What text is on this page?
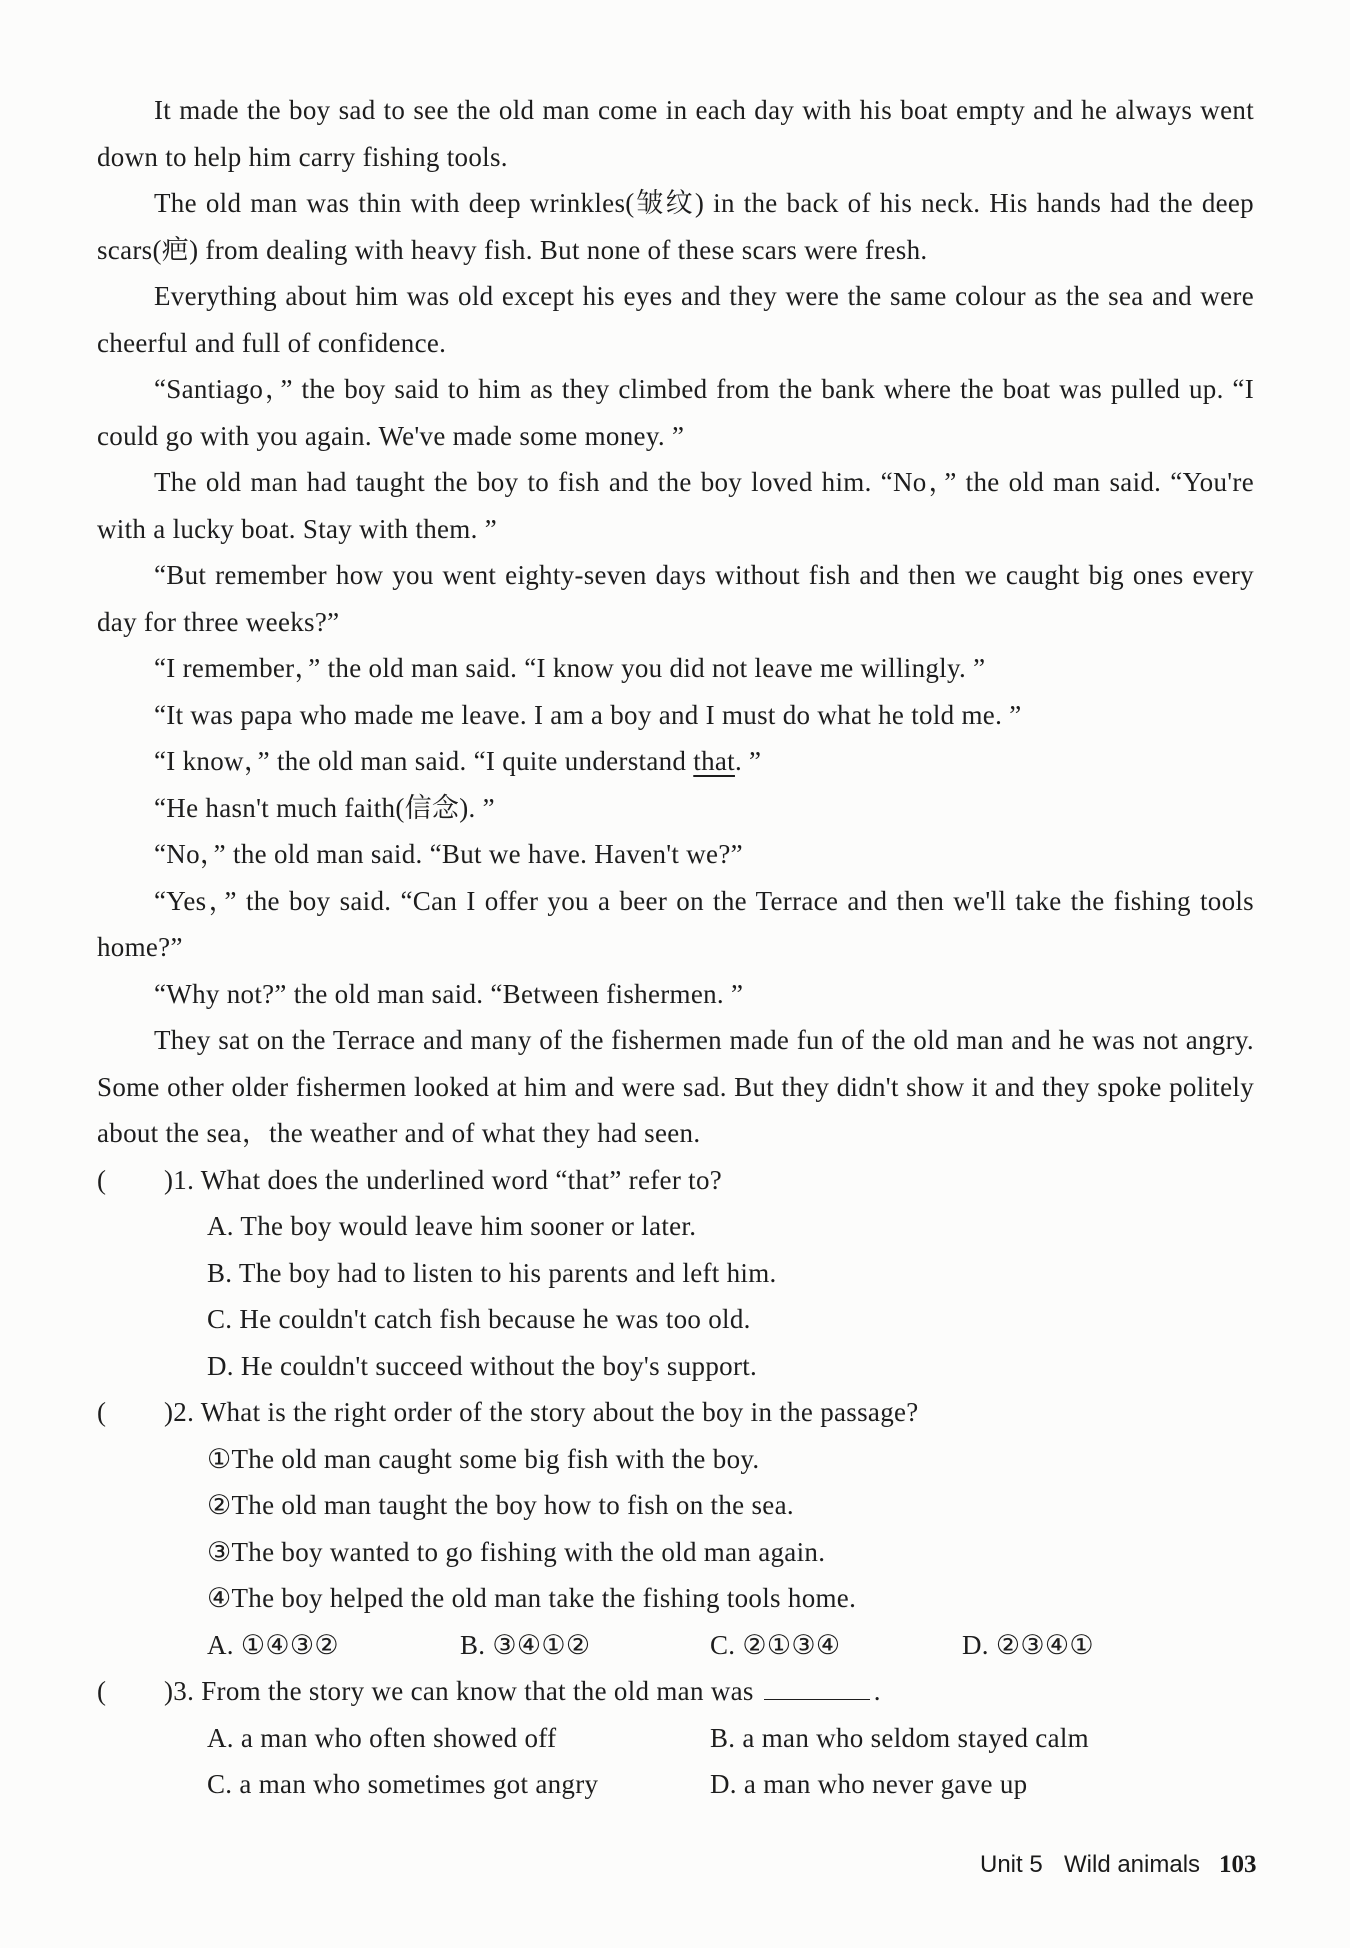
It made the boy sad to see the old man come in each day with his boat empty and he always went down to help him carry fishing tools.

The old man was thin with deep wrinkles(皱纹) in the back of his neck. His hands had the deep scars(疤) from dealing with heavy fish. But none of these scars were fresh.

Everything about him was old except his eyes and they were the same colour as the sea and were cheerful and full of confidence.

“Santiago，” the boy said to him as they climbed from the bank where the boat was pulled up. “I could go with you again. We've made some money. ”

The old man had taught the boy to fish and the boy loved him. “No，” the old man said. “You're with a lucky boat. Stay with them. ”

“But remember how you went eighty-seven days without fish and then we caught big ones every day for three weeks?”

“I remember，” the old man said. “I know you did not leave me willingly. ”

“It was papa who made me leave. I am a boy and I must do what he told me. ”

“I know，” the old man said. “I quite understand that. ”

“He hasn't much faith(信念). ”

“No，” the old man said. “But we have. Haven't we?”

“Yes，” the boy said. “Can I offer you a beer on the Terrace and then we'll take the fishing tools home?”

“Why not?” the old man said. “Between fishermen. ”

They sat on the Terrace and many of the fishermen made fun of the old man and he was not angry. Some other older fishermen looked at him and were sad. But they didn't show it and they spoke politely about the sea，the weather and of what they had seen.

( )1. What does the underlined word “that” refer to?
A. The boy would leave him sooner or later.
B. The boy had to listen to his parents and left him.
C. He couldn't catch fish because he was too old.
D. He couldn't succeed without the boy's support.
( )2. What is the right order of the story about the boy in the passage?
①The old man caught some big fish with the boy.
②The old man taught the boy how to fish on the sea.
③The boy wanted to go fishing with the old man again.
④The boy helped the old man take the fishing tools home.
A. ①④③②	B. ③④①②	C. ②①③④	D. ②③④①
( )3. From the story we can know that the old man was	.
A. a man who often showed off	B. a man who seldom stayed calm
C. a man who sometimes got angry	D. a man who never gave up
Unit 5 Wild animals 103
